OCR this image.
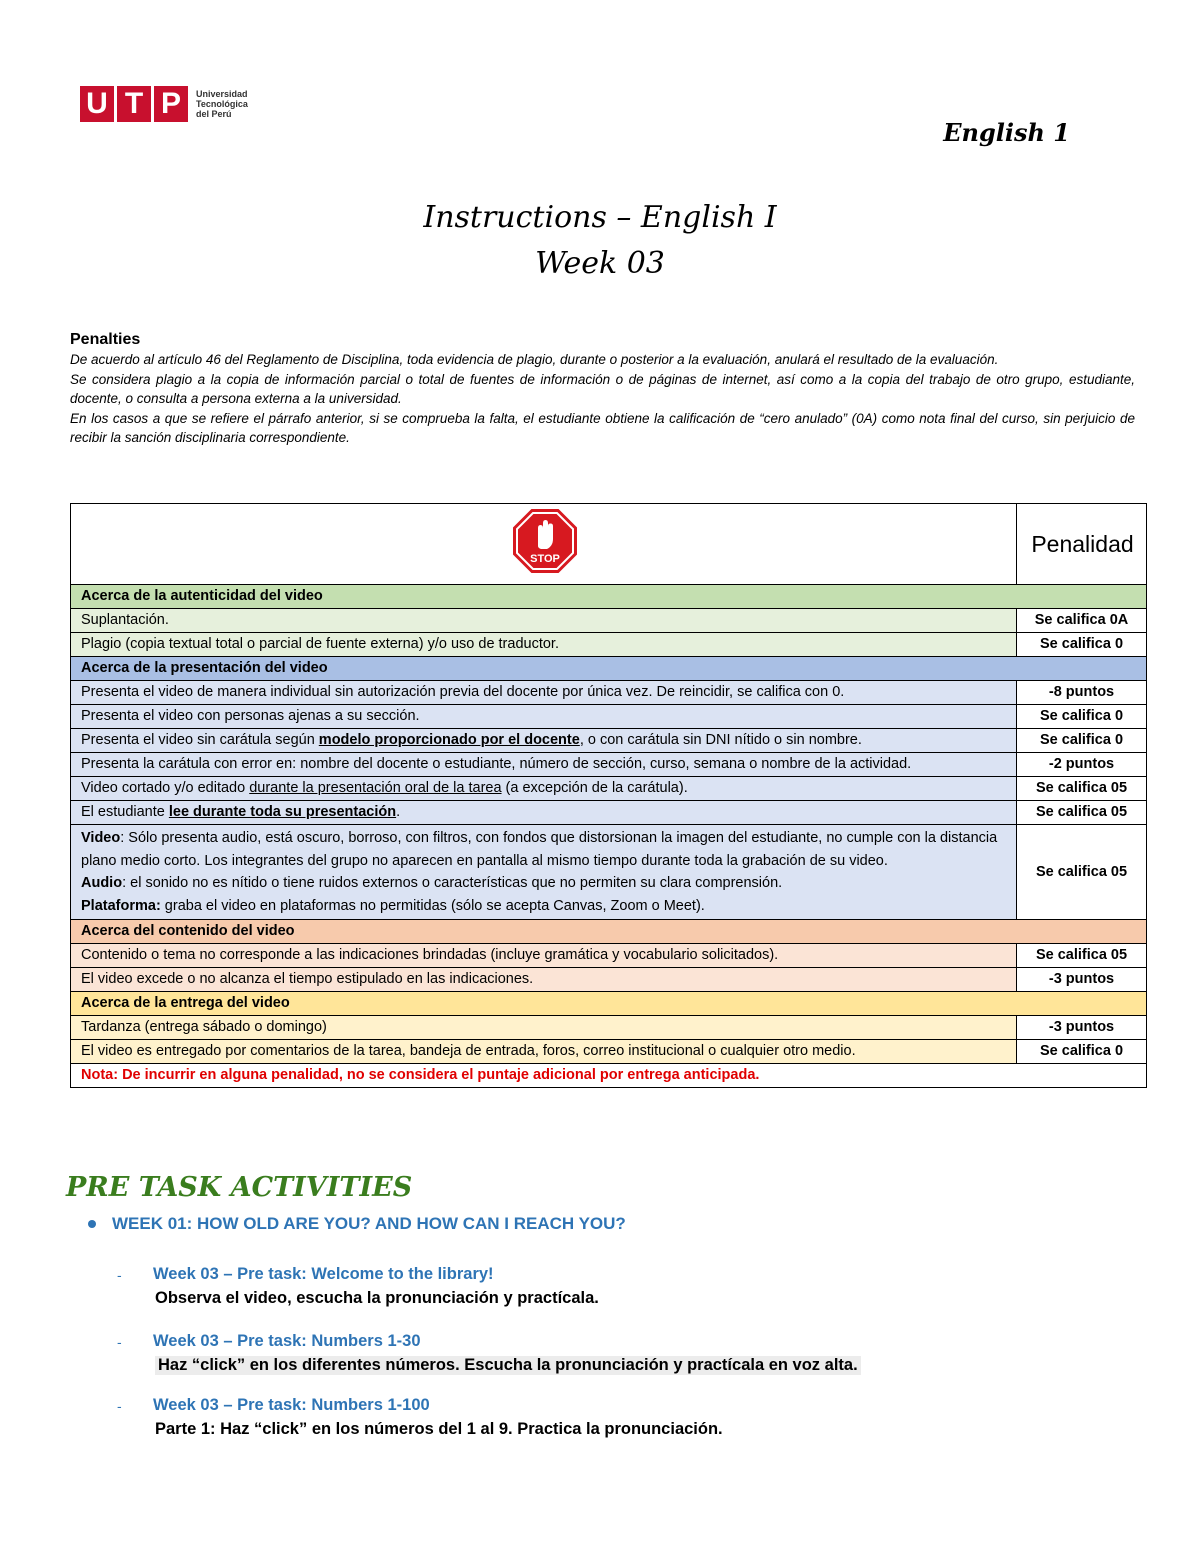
U T P	Universidad
Tecnológica
del Perú
English 1
Instructions – English I
Week 03
Penalties

De acuerdo al artículo 46 del Reglamento de Disciplina, toda evidencia de plagio, durante o posterior a la evaluación, anulará el resultado de la evaluación.

Se considera plagio a la copia de información parcial o total de fuentes de información o de páginas de internet, así como a la copia del trabajo de otro grupo, estudiante, docente, o consulta a persona externa a la universidad.

En los casos a que se refiere el párrafo anterior, si se comprueba la falta, el estudiante obtiene la calificación de “cero anulado” (0A) como nota final del curso, sin perjuicio de recibir la sanción disciplinaria correspondiente.

STOP	Penalidad
Acerca de la autenticidad del video	
Suplantación.	Se califica 0A
Plagio (copia textual total o parcial de fuente externa) y/o uso de traductor.	Se califica 0
Acerca de la presentación del video	
Presenta el video de manera individual sin autorización previa del docente por única vez. De reincidir, se califica con 0.	-8 puntos
Presenta el video con personas ajenas a su sección.	Se califica 0
Presenta el video sin carátula según modelo proporcionado por el docente, o con carátula sin DNI nítido o sin nombre.	Se califica 0
Presenta la carátula con error en: nombre del docente o estudiante, número de sección, curso, semana o nombre de la actividad.	-2 puntos
Video cortado y/o editado durante la presentación oral de la tarea (a excepción de la carátula).	Se califica 05
El estudiante lee durante toda su presentación.	Se califica 05
Video: Sólo presenta audio, está oscuro, borroso, con filtros, con fondos que distorsionan la imagen del estudiante, no cumple con la distancia plano medio corto. Los integrantes del grupo no aparecen en pantalla al mismo tiempo durante toda la grabación de su video.
Audio: el sonido no es nítido o tiene ruidos externos o características que no permiten su clara comprensión.
Plataforma: graba el video en plataformas no permitidas (sólo se acepta Canvas, Zoom o Meet).	Se califica 05
Acerca del contenido del video	
Contenido o tema no corresponde a las indicaciones brindadas (incluye gramática y vocabulario solicitados).	Se califica 05
El video excede o no alcanza el tiempo estipulado en las indicaciones.	-3 puntos
Acerca de la entrega del video	
Tardanza (entrega sábado o domingo)	-3 puntos
El video es entregado por comentarios de la tarea, bandeja de entrada, foros, correo institucional o cualquier otro medio.	Se califica 0
Nota: De incurrir en alguna penalidad, no se considera el puntaje adicional por entrega anticipada.	
PRE TASK ACTIVITIES
WEEK 01: HOW OLD ARE YOU? AND HOW CAN I REACH YOU?
- Week 03 – Pre task: Welcome to the library!
Observa el video, escucha la pronunciación y practícala.
- Week 03 – Pre task: Numbers 1-30
Haz “click” en los diferentes números. Escucha la pronunciación y practícala en voz alta.
- Week 03 – Pre task: Numbers 1-100
Parte 1: Haz “click” en los números del 1 al 9. Practica la pronunciación.
